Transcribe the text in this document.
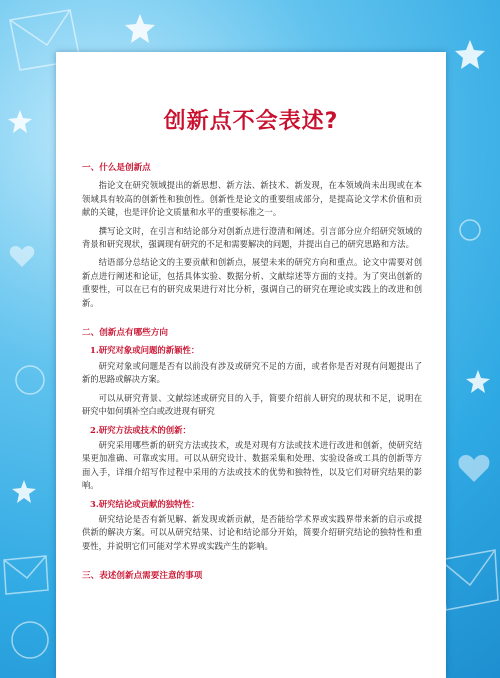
创新点不会表述?
一、什么是创新点

指论文在研究领域提出的新思想、新方法、新技术、新发现，在本领域尚未出现或在本领域具有较高的创新性和独创性。创新性是论文的重要组成部分，是提高论文学术价值和贡献的关键，也是评价论文质量和水平的重要标准之一。

撰写论文时，在引言和结论部分对创新点进行澄清和阐述。引言部分应介绍研究领域的背景和研究现状，强调现有研究的不足和需要解决的问题，并提出自己的研究思路和方法。

结语部分总结论文的主要贡献和创新点，展望未来的研究方向和重点。论文中需要对创新点进行阐述和论证，包括具体实验、数据分析、文献综述等方面的支持。为了突出创新的重要性，可以在已有的研究成果进行对比分析，强调自己的研究在理论或实践上的改进和创新。

二、创新点有哪些方向
1.研究对象或问题的新颖性：

研究对象或问题是否有以前没有涉及或研究不足的方面，或者你是否对现有问题提出了新的思路或解决方案。

可以从研究背景、文献综述或研究目的入手，简要介绍前人研究的现状和不足，说明在研究中如何填补空白或改进现有研究

2.研究方法或技术的创新：

研究采用哪些新的研究方法或技术，或是对现有方法或技术进行改进和创新，使研究结果更加准确、可靠或实用。可以从研究设计、数据采集和处理、实验设备或工具的创新等方面入手，详细介绍写作过程中采用的方法或技术的优势和独特性，以及它们对研究结果的影响。

3.研究结论或贡献的独特性：

研究结论是否有新见解、新发现或新贡献，是否能给学术界或实践界带来新的启示或提供新的解决方案。可以从研究结果、讨论和结论部分开始，简要介绍研究结论的独特性和重要性，并说明它们可能对学术界或实践产生的影响。

三、表述创新点需要注意的事项
